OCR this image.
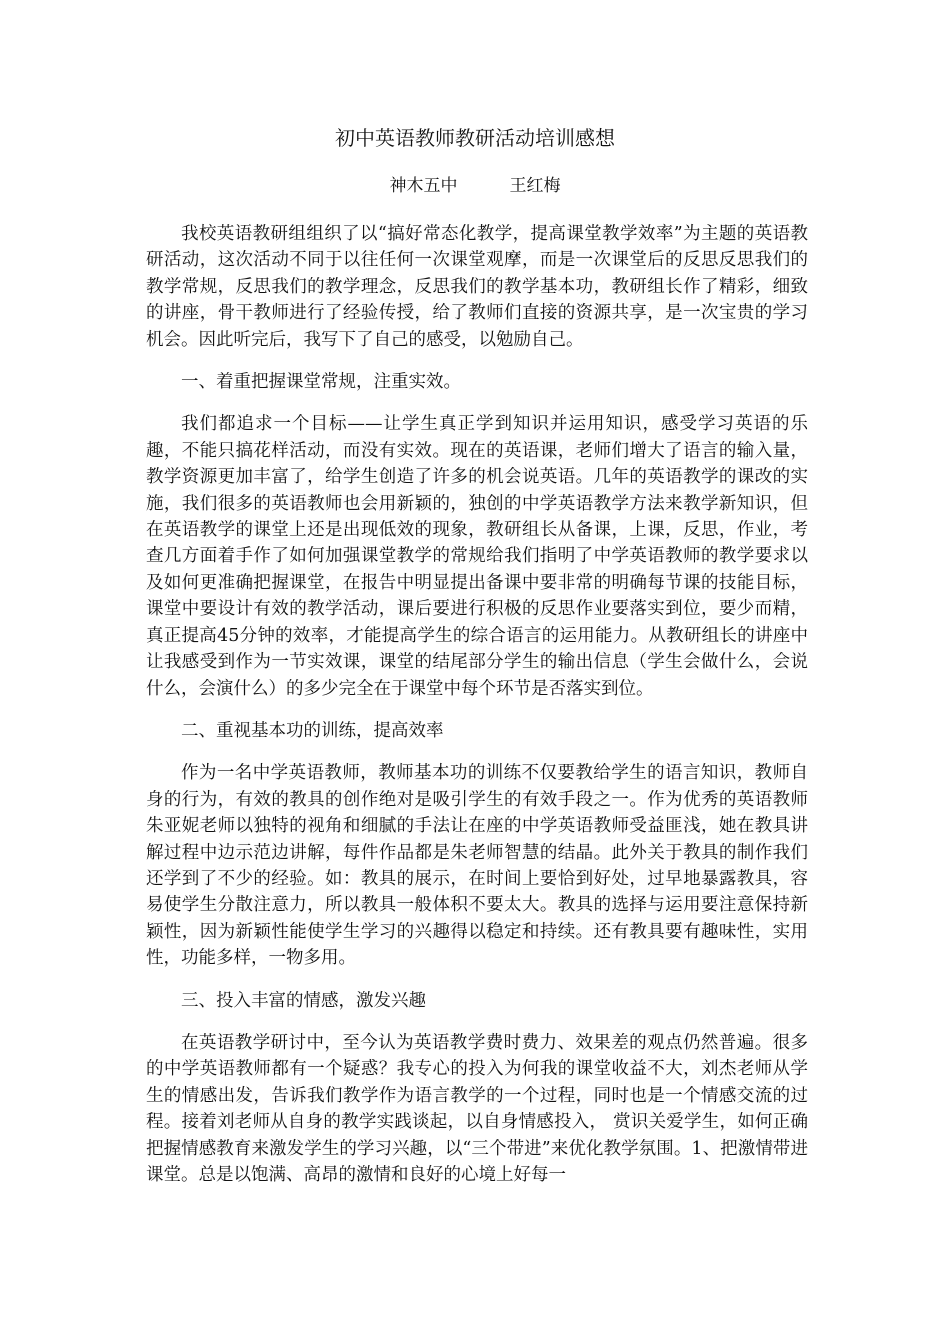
初中英语教师教研活动培训感想
神木五中	王红梅

我校英语教研组组织了以“搞好常态化教学，提高课堂教学效率”为主题的英语教研活动，这次活动不同于以往任何一次课堂观摩，而是一次课堂后的反思反思我们的教学常规，反思我们的教学理念，反思我们的教学基本功，教研组长作了精彩，细致的讲座，骨干教师进行了经验传授，给了教师们直接的资源共享，是一次宝贵的学习机会。因此听完后，我写下了自己的感受，以勉励自己。

一、着重把握课堂常规，注重实效。

我们都追求一个目标——让学生真正学到知识并运用知识，感受学习英语的乐趣，不能只搞花样活动，而没有实效。现在的英语课，老师们增大了语言的输入量，教学资源更加丰富了，给学生创造了许多的机会说英语。几年的英语教学的课改的实施，我们很多的英语教师也会用新颖的，独创的中学英语教学方法来教学新知识，但在英语教学的课堂上还是出现低效的现象，教研组长从备课，上课，反思，作业，考查几方面着手作了如何加强课堂教学的常规给我们指明了中学英语教师的教学要求以及如何更准确把握课堂，在报告中明显提出备课中要非常的明确每节课的技能目标，课堂中要设计有效的教学活动，课后要进行积极的反思作业要落实到位，要少而精，真正提高45分钟的效率，才能提高学生的综合语言的运用能力。从教研组长的讲座中让我感受到作为一节实效课，课堂的结尾部分学生的输出信息（学生会做什么，会说什么，会演什么）的多少完全在于课堂中每个环节是否落实到位。

二、重视基本功的训练，提高效率

作为一名中学英语教师，教师基本功的训练不仅要教给学生的语言知识，教师自身的行为，有效的教具的创作绝对是吸引学生的有效手段之一。作为优秀的英语教师朱亚妮老师以独特的视角和细腻的手法让在座的中学英语教师受益匪浅，她在教具讲解过程中边示范边讲解，每件作品都是朱老师智慧的结晶。此外关于教具的制作我们还学到了不少的经验。如：教具的展示，在时间上要恰到好处，过早地暴露教具，容易使学生分散注意力，所以教具一般体积不要太大。教具的选择与运用要注意保持新颖性，因为新颖性能使学生学习的兴趣得以稳定和持续。还有教具要有趣味性，实用性，功能多样，一物多用。

三、投入丰富的情感，激发兴趣

在英语教学研讨中，至今认为英语教学费时费力、效果差的观点仍然普遍。很多的中学英语教师都有一个疑惑？我专心的投入为何我的课堂收益不大，刘杰老师从学生的情感出发，告诉我们教学作为语言教学的一个过程，同时也是一个情感交流的过程。接着刘老师从自身的教学实践谈起，以自身情感投入， 赏识关爱学生，如何正确把握情感教育来激发学生的学习兴趣，以“三个带进”来优化教学氛围。1、把激情带进课堂。总是以饱满、高昂的激情和良好的心境上好每一
